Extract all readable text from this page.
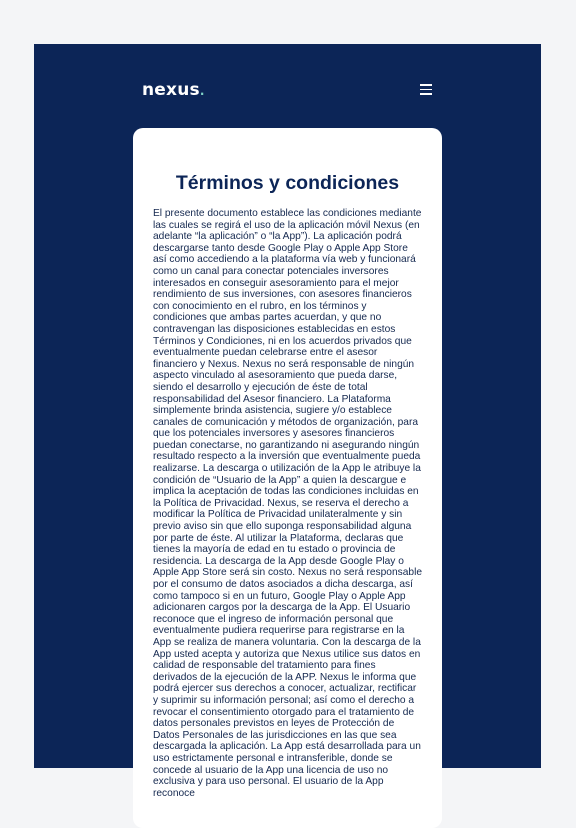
nexus.
Términos y condiciones

El presente documento establece las condiciones mediante las cuales se regirá el uso de la aplicación móvil Nexus (en adelante “la aplicación” o “la App”). La aplicación podrá descargarse tanto desde Google Play o Apple App Store así como accediendo a la plataforma vía web y funcionará como un canal para conectar potenciales inversores interesados en conseguir asesoramiento para el mejor rendimiento de sus inversiones, con asesores financieros con conocimiento en el rubro, en los términos y condiciones que ambas partes acuerdan, y que no contravengan las disposiciones establecidas en estos Términos y Condiciones, ni en los acuerdos privados que eventualmente puedan celebrarse entre el asesor financiero y Nexus. Nexus no será responsable de ningún aspecto vinculado al asesoramiento que pueda darse, siendo el desarrollo y ejecución de éste de total responsabilidad del Asesor financiero. La Plataforma simplemente brinda asistencia, sugiere y/o establece canales de comunicación y métodos de organización, para que los potenciales inversores y asesores financieros puedan conectarse, no garantizando ni asegurando ningún resultado respecto a la inversión que eventualmente pueda realizarse. La descarga o utilización de la App le atribuye la condición de “Usuario de la App” a quien la descargue e implica la aceptación de todas las condiciones incluidas en la Política de Privacidad. Nexus, se reserva el derecho a modificar la Política de Privacidad unilateralmente y sin previo aviso sin que ello suponga responsabilidad alguna por parte de éste. Al utilizar la Plataforma, declaras que tienes la mayoría de edad en tu estado o provincia de residencia. La descarga de la App desde Google Play o Apple App Store será sin costo. Nexus no será responsable por el consumo de datos asociados a dicha descarga, así como tampoco si en un futuro, Google Play o Apple App adicionaren cargos por la descarga de la App. El Usuario reconoce que el ingreso de información personal que eventualmente pudiera requerirse para registrarse en la App se realiza de manera voluntaria. Con la descarga de la App usted acepta y autoriza que Nexus utilice sus datos en calidad de responsable del tratamiento para fines derivados de la ejecución de la APP. Nexus le informa que podrá ejercer sus derechos a conocer, actualizar, rectificar y suprimir su información personal; así como el derecho a revocar el consentimiento otorgado para el tratamiento de datos personales previstos en leyes de Protección de Datos Personales de las jurisdicciones en las que sea descargada la aplicación. La App está desarrollada para un uso estrictamente personal e intransferible, donde se concede al usuario de la App una licencia de uso no exclusiva y para uso personal. El usuario de la App reconoce
